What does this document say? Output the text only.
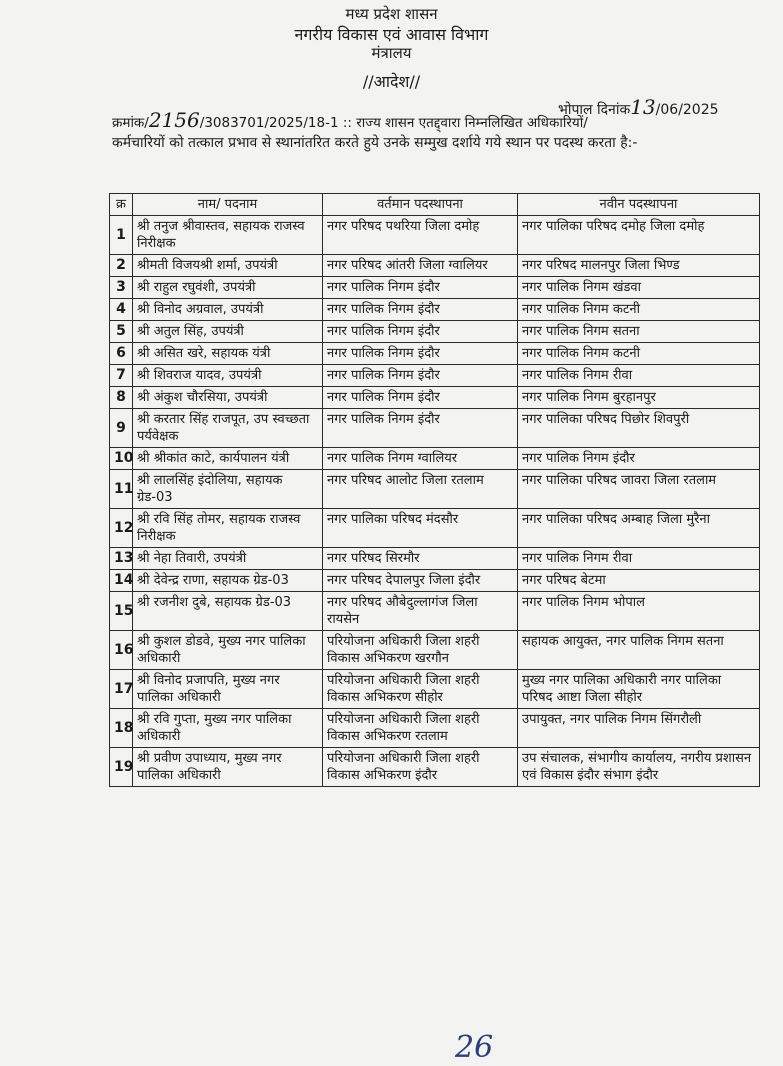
मध्य प्रदेश शासन
नगरीय विकास एवं आवास विभाग
मंत्रालय
//आदेश//
भोपाल दिनांक13/06/2025
क्रमांक/2156/3083701/2025/18-1 :: राज्य शासन एतद्द्वारा निम्नलिखित अधिकारियों/
कर्मचारियों को तत्काल प्रभाव से स्थानांतरित करते हुये उनके सम्मुख दर्शाये गये स्थान पर पदस्थ करता है:-
क्र	नाम/ पदनाम	वर्तमान पदस्थापना	नवीन पदस्थापना
1	श्री तनुज श्रीवास्तव, सहायक राजस्व निरीक्षक	नगर परिषद पथरिया जिला दमोह	नगर पालिका परिषद दमोह जिला दमोह
2	श्रीमती विजयश्री शर्मा, उपयंत्री	नगर परिषद आंतरी जिला ग्वालियर	नगर परिषद मालनपुर जिला भिण्ड
3	श्री राहुल रघुवंशी, उपयंत्री	नगर पालिक निगम इंदौर	नगर पालिक निगम खंडवा
4	श्री विनोद अग्रवाल, उपयंत्री	नगर पालिक निगम इंदौर	नगर पालिक निगम कटनी
5	श्री अतुल सिंह, उपयंत्री	नगर पालिक निगम इंदौर	नगर पालिक निगम सतना
6	श्री असित खरे, सहायक यंत्री	नगर पालिक निगम इंदौर	नगर पालिक निगम कटनी
7	श्री शिवराज यादव, उपयंत्री	नगर पालिक निगम इंदौर	नगर पालिक निगम रीवा
8	श्री अंकुश चौरसिया, उपयंत्री	नगर पालिक निगम इंदौर	नगर पालिक निगम बुरहानपुर
9	श्री करतार सिंह राजपूत, उप स्वच्छता पर्यवेक्षक	नगर पालिक निगम इंदौर	नगर पालिका परिषद पिछोर शिवपुरी
10	श्री श्रीकांत काटे, कार्यपालन यंत्री	नगर पालिक निगम ग्वालियर	नगर पालिक निगम इंदौर
11	श्री लालसिंह इंदोलिया, सहायक ग्रेड-03	नगर परिषद आलोट जिला रतलाम	नगर पालिका परिषद जावरा जिला रतलाम
12	श्री रवि सिंह तोमर, सहायक राजस्व निरीक्षक	नगर पालिका परिषद मंदसौर	नगर पालिका परिषद अम्बाह जिला मुरैना
13	श्री नेहा तिवारी, उपयंत्री	नगर परिषद सिरमौर	नगर पालिक निगम रीवा
14	श्री देवेन्द्र राणा, सहायक ग्रेड-03	नगर परिषद देपालपुर जिला इंदौर	नगर परिषद बेटमा
15	श्री रजनीश दुबे, सहायक ग्रेड-03	नगर परिषद औबेदुल्लागंज जिला रायसेन	नगर पालिक निगम भोपाल
16	श्री कुशल डोडवे, मुख्य नगर पालिका अधिकारी	परियोजना अधिकारी जिला शहरी विकास अभिकरण खरगौन	सहायक आयुक्त, नगर पालिक निगम सतना
17	श्री विनोद प्रजापति, मुख्य नगर पालिका अधिकारी	परियोजना अधिकारी जिला शहरी विकास अभिकरण सीहोर	मुख्य नगर पालिका अधिकारी नगर पालिका परिषद आष्टा जिला सीहोर
18	श्री रवि गुप्ता, मुख्य नगर पालिका अधिकारी	परियोजना अधिकारी जिला शहरी विकास अभिकरण रतलाम	उपायुक्त, नगर पालिक निगम सिंगरौली
19	श्री प्रवीण उपाध्याय, मुख्य नगर पालिका अधिकारी	परियोजना अधिकारी जिला शहरी विकास अभिकरण इंदौर	उप संचालक, संभागीय कार्यालय, नगरीय प्रशासन एवं विकास इंदौर संभाग इंदौर
26
